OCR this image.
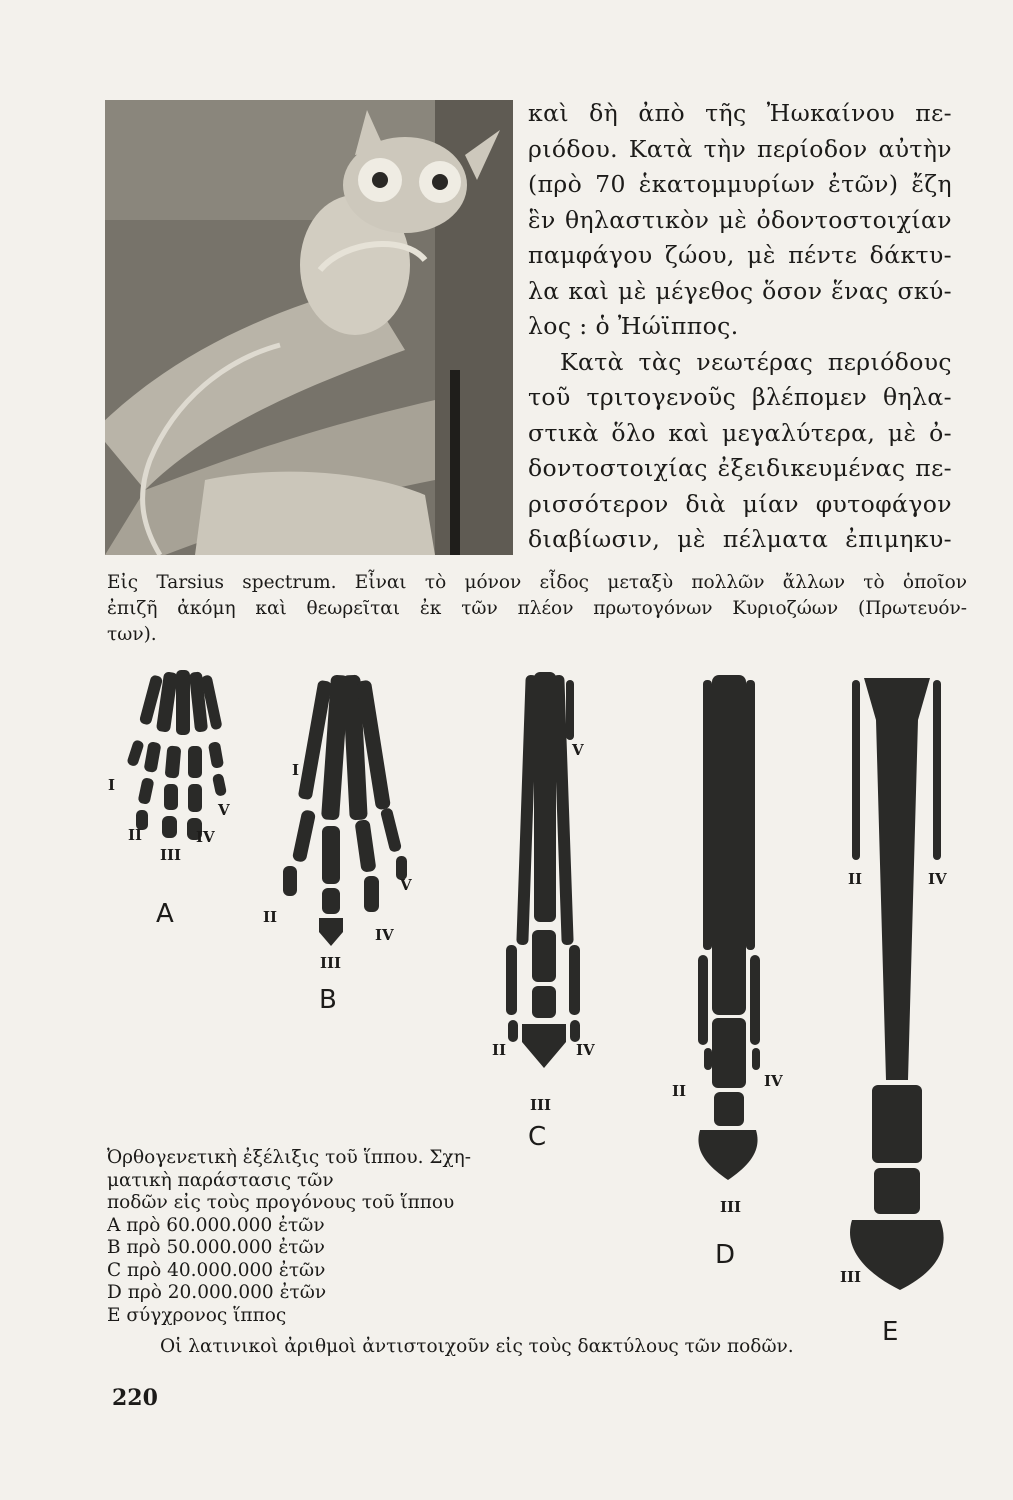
καὶ δὴ ἀπὸ τῆς Ἠωκαίνου πε-
ριόδου. Κατὰ τὴν περίοδον αὐτὴν
(πρὸ 70 ἑκατομμυρίων ἐτῶν) ἔζη
ἓν θηλαστικὸν μὲ ὀδοντοστοιχίαν
παμφάγου ζώου, μὲ πέντε δάκτυ-
λα καὶ μὲ μέγεθος ὅσον ἕνας σκύ-
λος : ὁ Ἠώϊππος.
Κατὰ τὰς νεωτέρας περιόδους
τοῦ τριτογενοῦς βλέπομεν θηλα-
στικὰ ὅλο καὶ μεγαλύτερα, μὲ ὀ-
δοντοστοιχίας ἐξειδικευμένας πε-
ρισσότερον διὰ μίαν φυτοφάγον
διαβίωσιν, μὲ πέλματα ἐπιμηκυ-
Εἰς Tarsius spectrum. Εἶναι τὸ μόνον εἶδος μεταξὺ πολλῶν ἄλλων τὸ ὁποῖον
ἐπιζῆ ἀκόμη καὶ θεωρεῖται ἐκ τῶν πλέον πρωτογόνων Κυριοζώων (Πρωτευόν-
των).
I
II
III
IV
V
A
I
II
III
IV
V
B
V
II	IV
III
C
II
IV
III
D
II	IV
III
E
Ὀρθογενετικὴ ἐξέλιξις τοῦ ἵππου. Σχη-
ματικὴ παράστασις τῶν
ποδῶν εἰς τοὺς προγόνους τοῦ ἵππου
A πρὸ 60.000.000 ἐτῶν
B πρὸ 50.000.000 ἐτῶν
C πρὸ 40.000.000 ἐτῶν
D πρὸ 20.000.000 ἐτῶν
E σύγχρονος ἵππος
Οἱ λατινικοὶ ἀριθμοὶ ἀντιστοιχοῦν εἰς τοὺς δακτύλους τῶν ποδῶν.
220
